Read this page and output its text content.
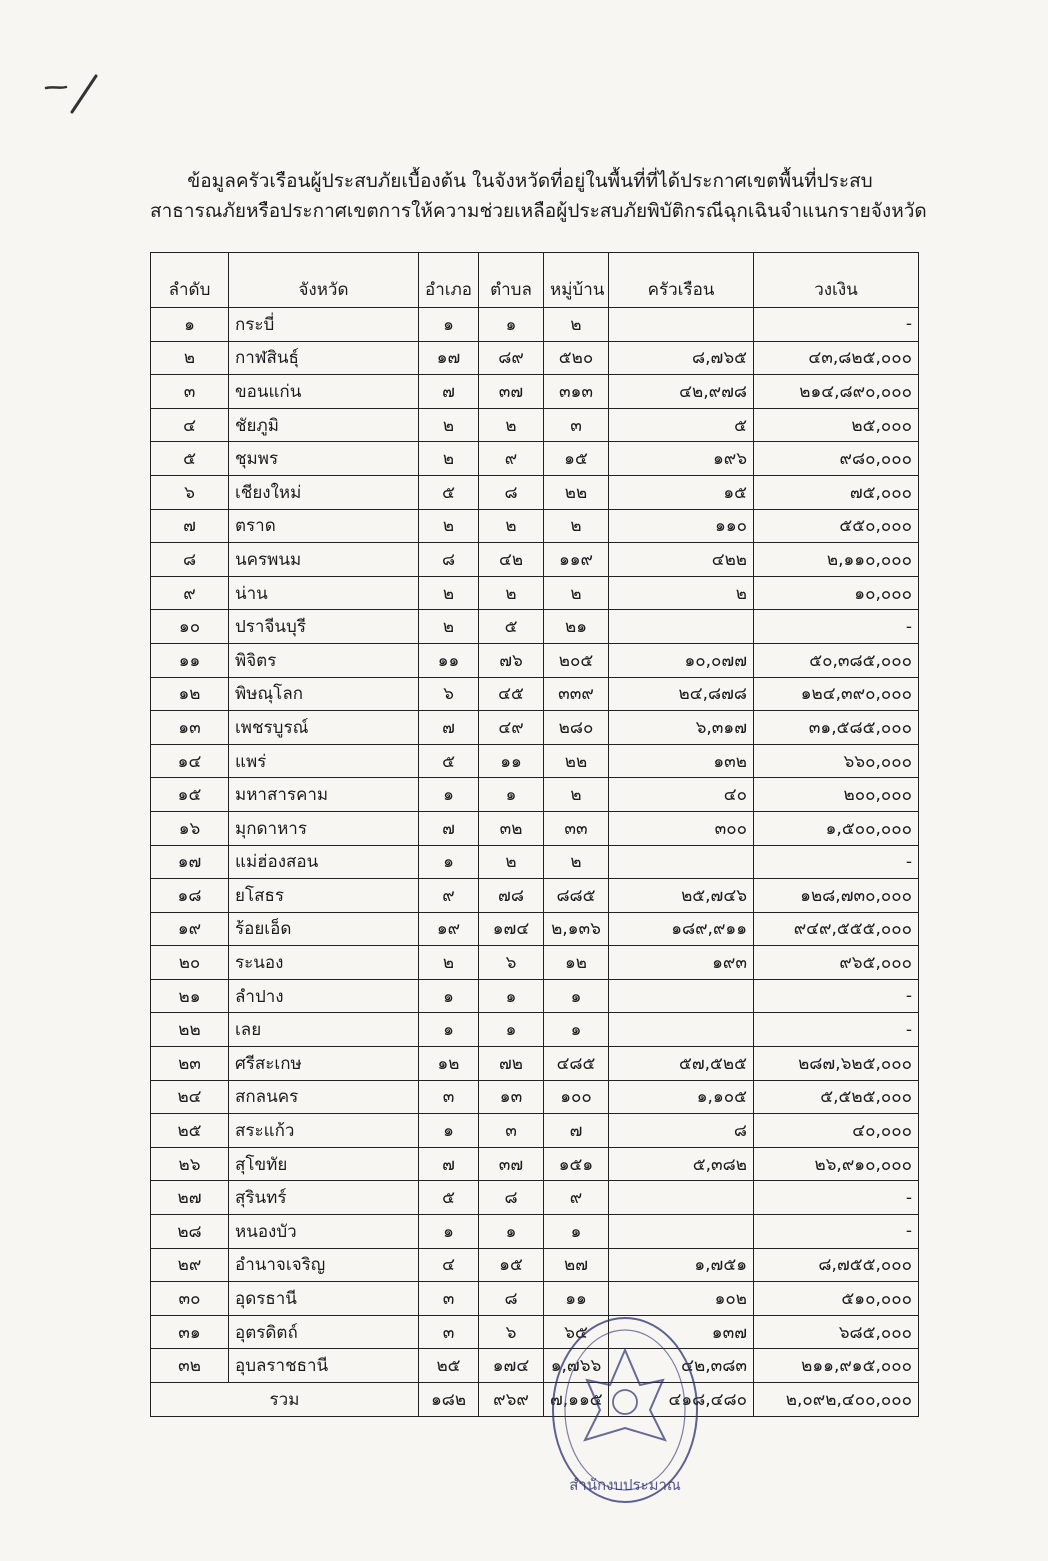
ข้อมูลครัวเรือนผู้ประสบภัยเบื้องต้น ในจังหวัดที่อยู่ในพื้นที่ที่ได้ประกาศเขตพื้นที่ประสบ
สาธารณภัยหรือประกาศเขตการให้ความช่วยเหลือผู้ประสบภัยพิบัติกรณีฉุกเฉินจำแนกรายจังหวัด
ลำดับ	จังหวัด	อำเภอ	ตำบล	หมู่บ้าน	ครัวเรือน	วงเงิน
๑	กระบี่	๑	๑	๒		-
๒	กาฬสินธุ์	๑๗	๘๙	๕๒๐	๘,๗๖๕	๔๓,๘๒๕,๐๐๐
๓	ขอนแก่น	๗	๓๗	๓๑๓	๔๒,๙๗๘	๒๑๔,๘๙๐,๐๐๐
๔	ชัยภูมิ	๒	๒	๓	๕	๒๕,๐๐๐
๕	ชุมพร	๒	๙	๑๕	๑๙๖	๙๘๐,๐๐๐
๖	เชียงใหม่	๕	๘	๒๒	๑๕	๗๕,๐๐๐
๗	ตราด	๒	๒	๒	๑๑๐	๕๕๐,๐๐๐
๘	นครพนม	๘	๔๒	๑๑๙	๔๒๒	๒,๑๑๐,๐๐๐
๙	น่าน	๒	๒	๒	๒	๑๐,๐๐๐
๑๐	ปราจีนบุรี	๒	๕	๒๑		-
๑๑	พิจิตร	๑๑	๗๖	๒๐๕	๑๐,๐๗๗	๕๐,๓๘๕,๐๐๐
๑๒	พิษณุโลก	๖	๔๕	๓๓๙	๒๔,๘๗๘	๑๒๔,๓๙๐,๐๐๐
๑๓	เพชรบูรณ์	๗	๔๙	๒๘๐	๖,๓๑๗	๓๑,๕๘๕,๐๐๐
๑๔	แพร่	๕	๑๑	๒๒	๑๓๒	๖๖๐,๐๐๐
๑๕	มหาสารคาม	๑	๑	๒	๔๐	๒๐๐,๐๐๐
๑๖	มุกดาหาร	๗	๓๒	๓๓	๓๐๐	๑,๕๐๐,๐๐๐
๑๗	แม่ฮ่องสอน	๑	๒	๒		-
๑๘	ยโสธร	๙	๗๘	๘๘๕	๒๕,๗๔๖	๑๒๘,๗๓๐,๐๐๐
๑๙	ร้อยเอ็ด	๑๙	๑๗๔	๒,๑๓๖	๑๘๙,๙๑๑	๙๔๙,๕๕๕,๐๐๐
๒๐	ระนอง	๒	๖	๑๒	๑๙๓	๙๖๕,๐๐๐
๒๑	ลำปาง	๑	๑	๑		-
๒๒	เลย	๑	๑	๑		-
๒๓	ศรีสะเกษ	๑๒	๗๒	๔๘๕	๕๗,๕๒๕	๒๘๗,๖๒๕,๐๐๐
๒๔	สกลนคร	๓	๑๓	๑๐๐	๑,๑๐๕	๕,๕๒๕,๐๐๐
๒๕	สระแก้ว	๑	๓	๗	๘	๔๐,๐๐๐
๒๖	สุโขทัย	๗	๓๗	๑๕๑	๕,๓๘๒	๒๖,๙๑๐,๐๐๐
๒๗	สุรินทร์	๕	๘	๙		-
๒๘	หนองบัว	๑	๑	๑		-
๒๙	อำนาจเจริญ	๔	๑๕	๒๗	๑,๗๕๑	๘,๗๕๕,๐๐๐
๓๐	อุดรธานี	๓	๘	๑๑	๑๐๒	๕๑๐,๐๐๐
๓๑	อุตรดิตถ์	๓	๖	๖๕	๑๓๗	๖๘๕,๐๐๐
๓๒	อุบลราชธานี	๒๕	๑๗๔	๑,๗๖๖	๔๒,๓๘๓	๒๑๑,๙๑๕,๐๐๐
รวม		๑๘๒	๙๖๙	๗,๑๑๕	๔๑๘,๔๘๐	๒,๐๙๒,๔๐๐,๐๐๐
สำนักงบประมาณ
